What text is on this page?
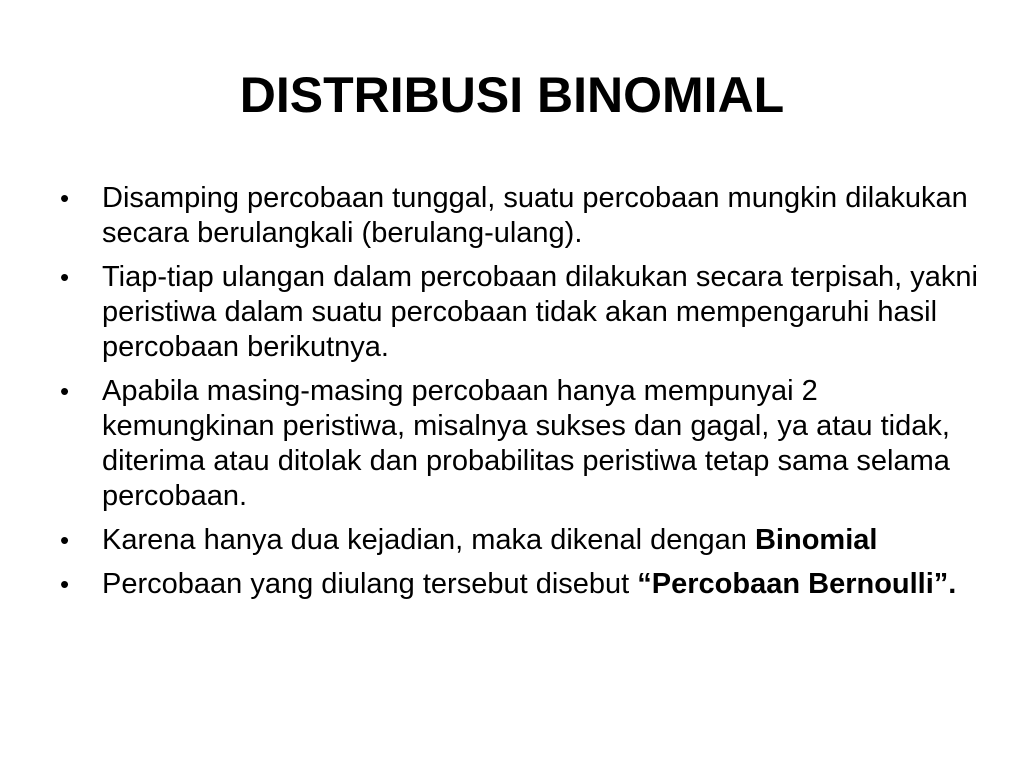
DISTRIBUSI BINOMIAL
• Disamping percobaan tunggal, suatu percobaan mungkin dilakukan secara berulangkali (berulang-ulang).
• Tiap-tiap ulangan dalam percobaan dilakukan secara terpisah, yakni peristiwa dalam suatu percobaan tidak akan mempengaruhi hasil percobaan berikutnya.
• Apabila masing-masing percobaan hanya mempunyai 2 kemungkinan peristiwa, misalnya sukses dan gagal, ya atau tidak, diterima atau ditolak dan probabilitas peristiwa tetap sama selama percobaan.
• Karena hanya dua kejadian, maka dikenal dengan Binomial
• Percobaan yang diulang tersebut disebut “Percobaan Bernoulli”.
